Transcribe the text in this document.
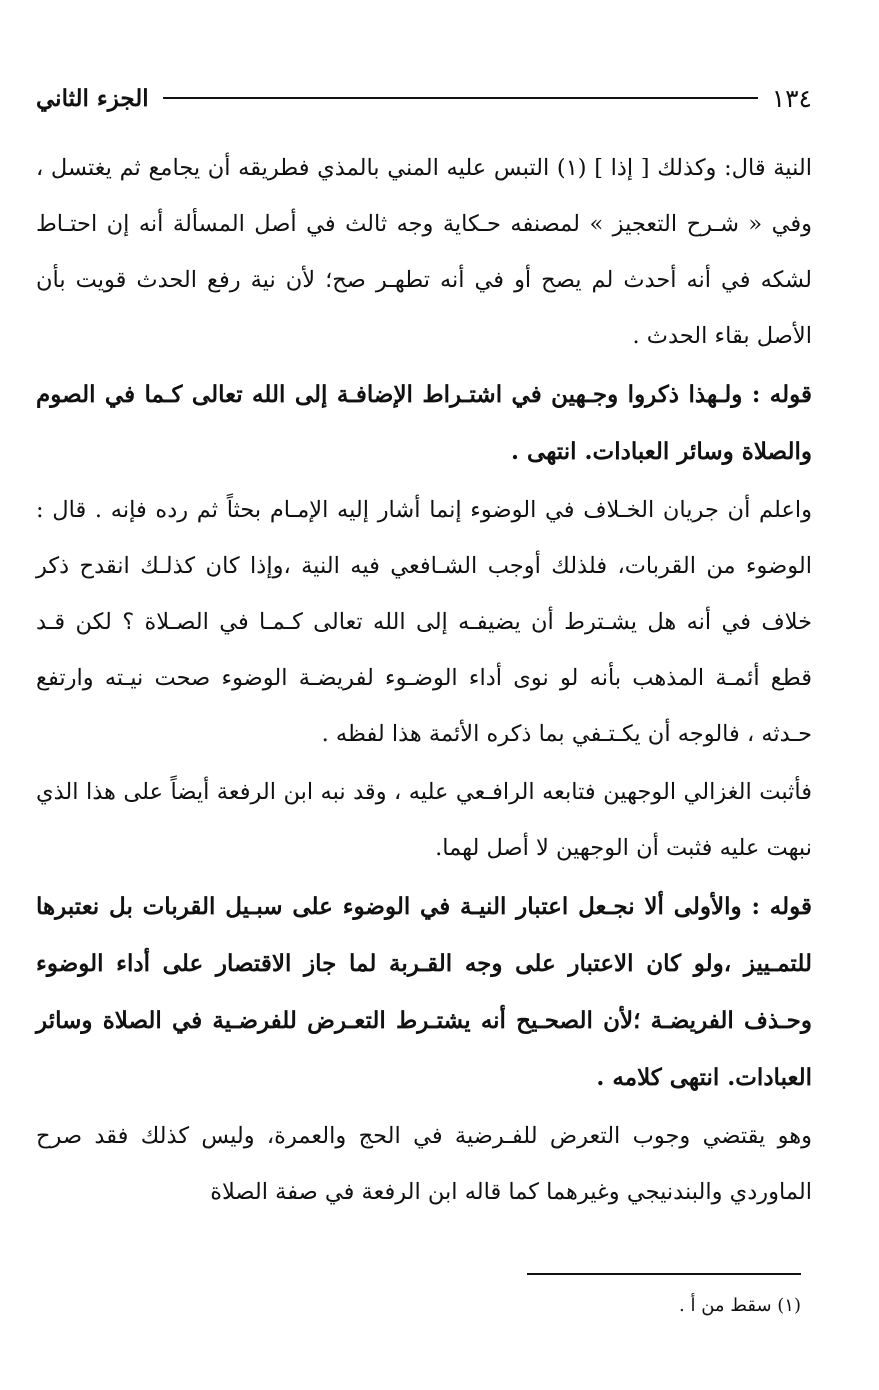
١٣٤
الجزء الثاني

النية قال: وكذلك [ إذا ] (١) التبس عليه المني بالمذي فطريقه أن يجامع ثم يغتسل ، وفي « شـرح التعجيز » لمصنفه حـكاية وجه ثالث في أصل المسألة أنه إن احتـاط لشكه في أنه أحدث لم يصح أو في أنه تطهـر صح؛ لأن نية رفع الحدث قويت بأن الأصل بقاء الحدث .

قوله : ولـهذا ذكروا وجـهين في اشتـراط الإضافـة إلى الله تعالى كـما في الصوم والصلاة وسائر العبادات. انتهى .

واعلم أن جريان الخـلاف في الوضوء إنما أشار إليه الإمـام بحثاً ثم رده فإنه . قال : الوضوء من القربات، فلذلك أوجب الشـافعي فيه النية ،وإذا كان كذلـك انقدح ذكر خلاف في أنه هل يشـترط أن يضيفـه إلى الله تعالى كـمـا في الصـلاة ؟ لكن قـد قطع أئمـة المذهب بأنه لو نوى أداء الوضـوء لفريضـة الوضوء صحت نيـته وارتفع حـدثه ، فالوجه أن يكـتـفي بما ذكره الأئمة هذا لفظه .

فأثبت الغزالي الوجهين فتابعه الرافـعي عليه ، وقد نبه ابن الرفعة أيضاً على هذا الذي نبهت عليه فثبت أن الوجهين لا أصل لهما.

قوله : والأولى ألا نجـعل اعتبار النيـة في الوضوء على سبـيل القربات بل نعتبرها للتمـييز ،ولو كان الاعتبار على وجه القـربة لما جاز الاقتصار على أداء الوضوء وحـذف الفريضـة ؛لأن الصحـيح أنه يشتـرط التعـرض للفرضـية في الصلاة وسائر العبادات. انتهى كلامه .

وهو يقتضي وجوب التعرض للفـرضية في الحج والعمرة، وليس كذلك فقد صرح الماوردي والبندنيجي وغيرهما كما قاله ابن الرفعة في صفة الصلاة

(١) سقط من أ .
